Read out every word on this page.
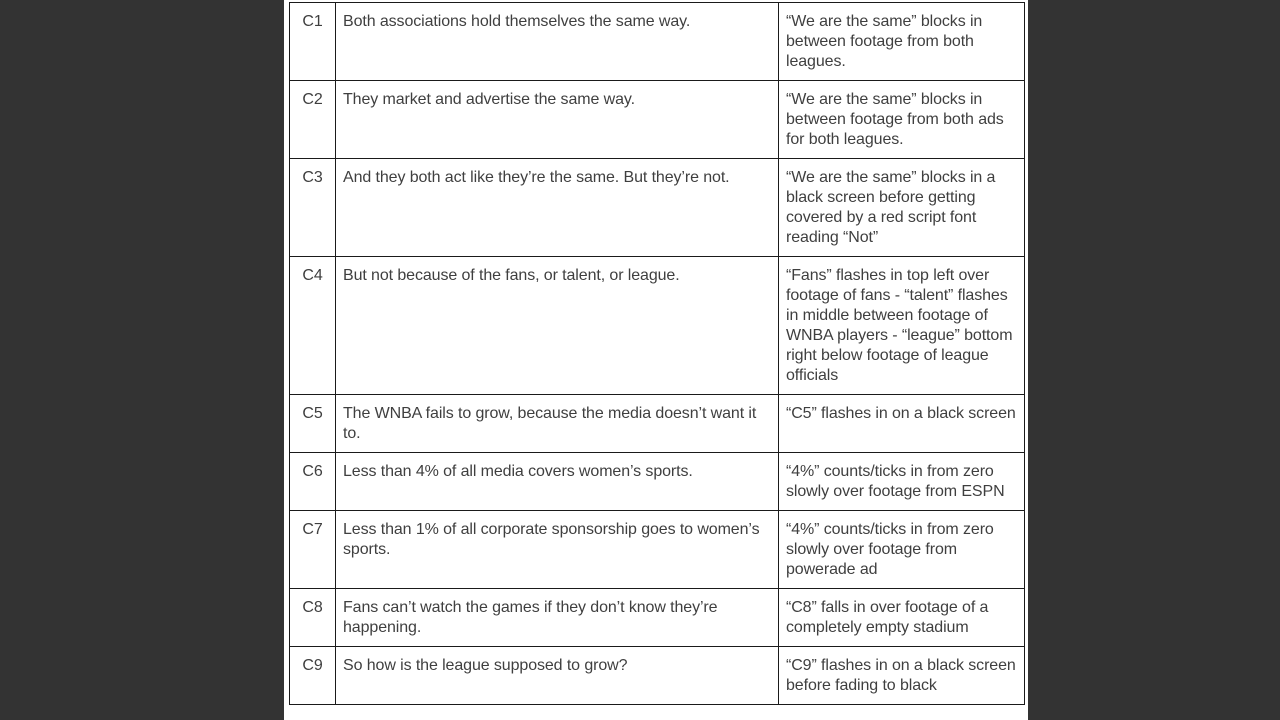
C1	Both associations hold themselves the same way.	“We are the same” blocks in between footage from both leagues.
C2	They market and advertise the same way.	“We are the same” blocks in between footage from both ads for both leagues.
C3	And they both act like they’re the same. But they’re not.	“We are the same” blocks in a black screen before getting covered by a red script font reading “Not”
C4	But not because of the fans, or talent, or league.	“Fans” flashes in top left over footage of fans - “talent” flashes in middle between footage of WNBA players - “league” bottom right below footage of league officials
C5	The WNBA fails to grow, because the media doesn’t want it to.	“C5” flashes in on a black screen
C6	Less than 4% of all media covers women’s sports.	“4%” counts/ticks in from zero slowly over footage from ESPN
C7	Less than 1% of all corporate sponsorship goes to women’s sports.	“4%” counts/ticks in from zero slowly over footage from powerade ad
C8	Fans can’t watch the games if they don’t know they’re happening.	“C8” falls in over footage of a completely empty stadium
C9	So how is the league supposed to grow?	“C9” flashes in on a black screen before fading to black
